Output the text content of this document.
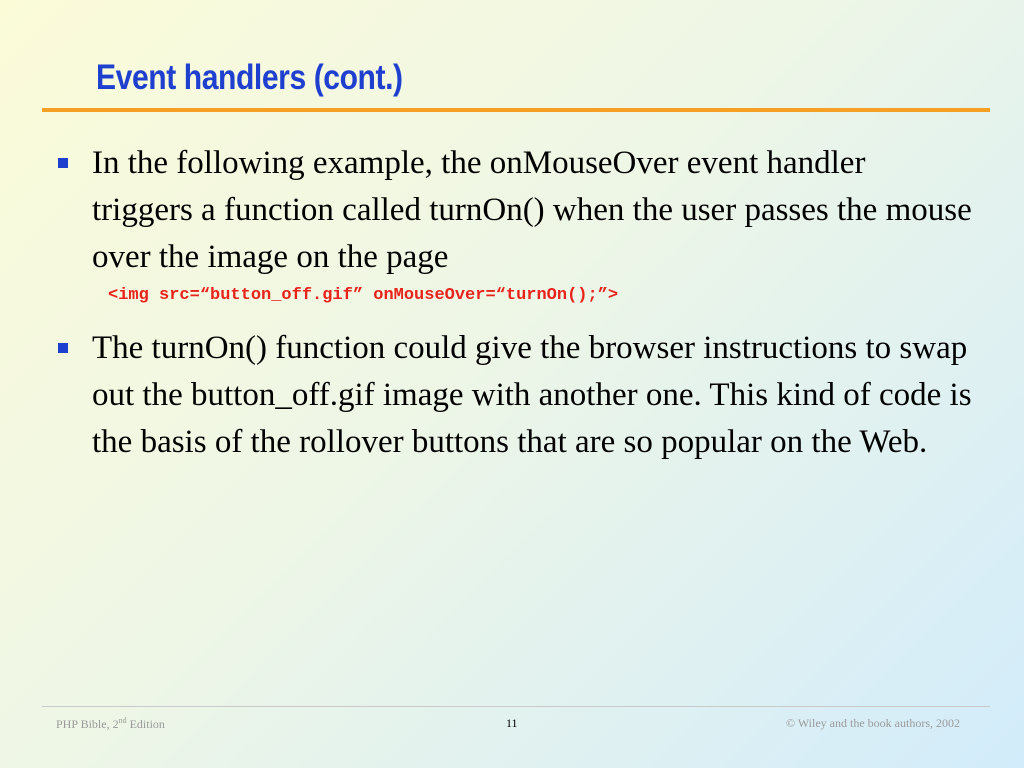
Event handlers (cont.)
In the following example, the onMouseOver event handler triggers a function called turnOn() when the user passes the mouse over the image on the page
<img src=“button_off.gif” onMouseOver=“turnOn();”>
The turnOn() function could give the browser instructions to swap out the button_off.gif image with another one. This kind of code is the basis of the rollover buttons that are so popular on the Web.
PHP Bible, 2nd Edition	11	© Wiley and the book authors, 2002
